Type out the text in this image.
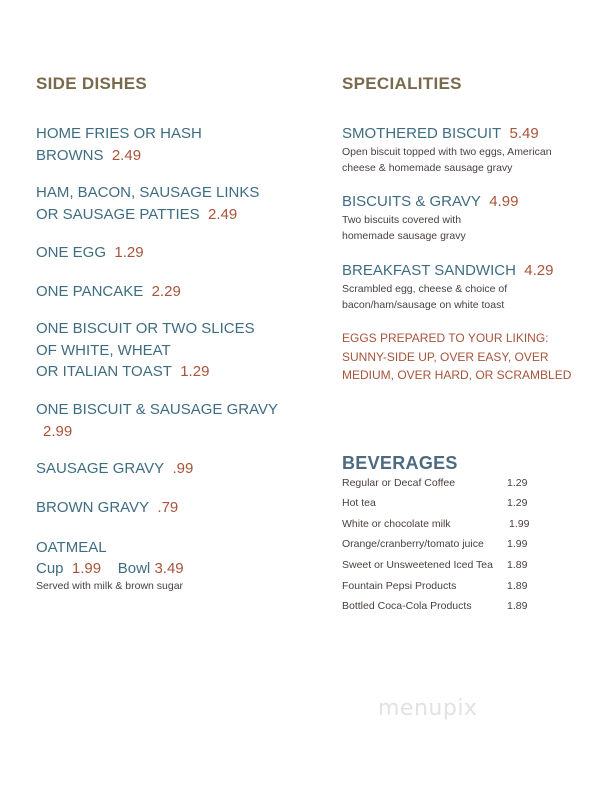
SIDE DISHES
HOME FRIES OR HASH
BROWNS 2.49
HAM, BACON, SAUSAGE LINKS
OR SAUSAGE PATTIES 2.49
ONE EGG 1.29
ONE PANCAKE 2.29
ONE BISCUIT OR TWO SLICES
OF WHITE, WHEAT
OR ITALIAN TOAST 1.29
ONE BISCUIT & SAUSAGE GRAVY
2.99
SAUSAGE GRAVY .99
BROWN GRAVY .79
OATMEAL
Cup 1.99 Bowl 3.49
Served with milk & brown sugar
SPECIALITIES
SMOTHERED BISCUIT 5.49
Open biscuit topped with two eggs, American
cheese & homemade sausage gravy
BISCUITS & GRAVY 4.99
Two biscuits covered with
homemade sausage gravy
BREAKFAST SANDWICH 4.29
Scrambled egg, cheese & choice of
bacon/ham/sausage on white toast
EGGS PREPARED TO YOUR LIKING:
SUNNY-SIDE UP, OVER EASY, OVER
MEDIUM, OVER HARD, OR SCRAMBLED
BEVERAGES
Regular or Decaf Coffee	1.29
Hot tea	1.29
White or chocolate milk	1.99
Orange/cranberry/tomato juice 1.99
Sweet or Unsweetened Iced Tea 1.89
Fountain Pepsi Products	1.89
Bottled Coca-Cola Products	1.89
menupix
